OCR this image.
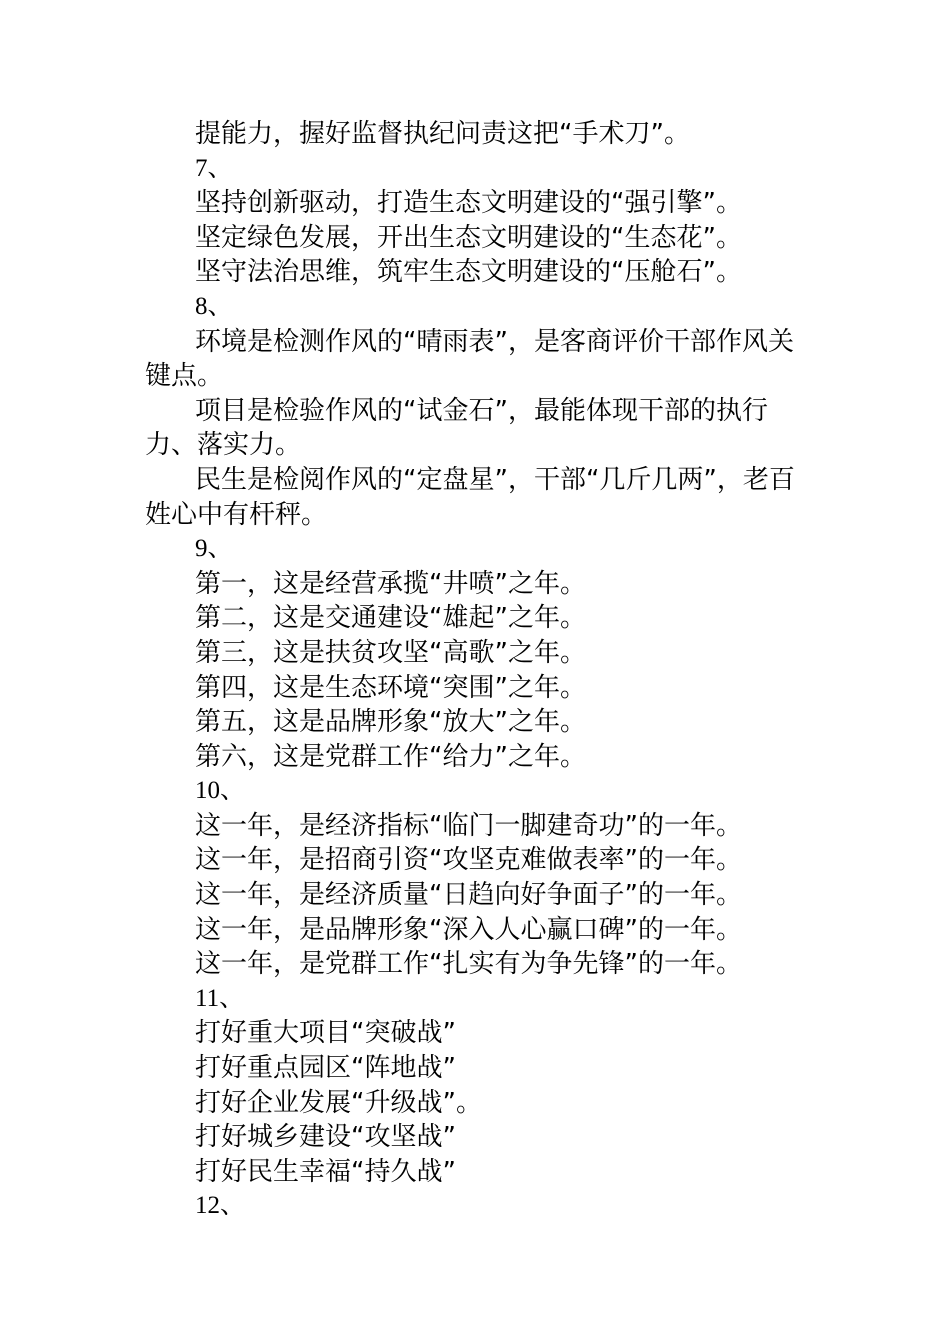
提能力，握好监督执纪问责这把“手术刀”。

7、

坚持创新驱动，打造生态文明建设的“强引擎”。

坚定绿色发展，开出生态文明建设的“生态花”。

坚守法治思维，筑牢生态文明建设的“压舱石”。

8、

环境是检测作风的“晴雨表”，是客商评价干部作风关键点。

项目是检验作风的“试金石”，最能体现干部的执行力、落实力。

民生是检阅作风的“定盘星”，干部“几斤几两”，老百姓心中有杆秤。

9、

第一，这是经营承揽“井喷”之年。

第二，这是交通建设“雄起”之年。

第三，这是扶贫攻坚“高歌”之年。

第四，这是生态环境“突围”之年。

第五，这是品牌形象“放大”之年。

第六，这是党群工作“给力”之年。

10、

这一年，是经济指标“临门一脚建奇功”的一年。

这一年，是招商引资“攻坚克难做表率”的一年。

这一年，是经济质量“日趋向好争面子”的一年。

这一年，是品牌形象“深入人心赢口碑”的一年。

这一年，是党群工作“扎实有为争先锋”的一年。

11、

打好重大项目“突破战”

打好重点园区“阵地战”

打好企业发展“升级战”。

打好城乡建设“攻坚战”

打好民生幸福“持久战”

12、
